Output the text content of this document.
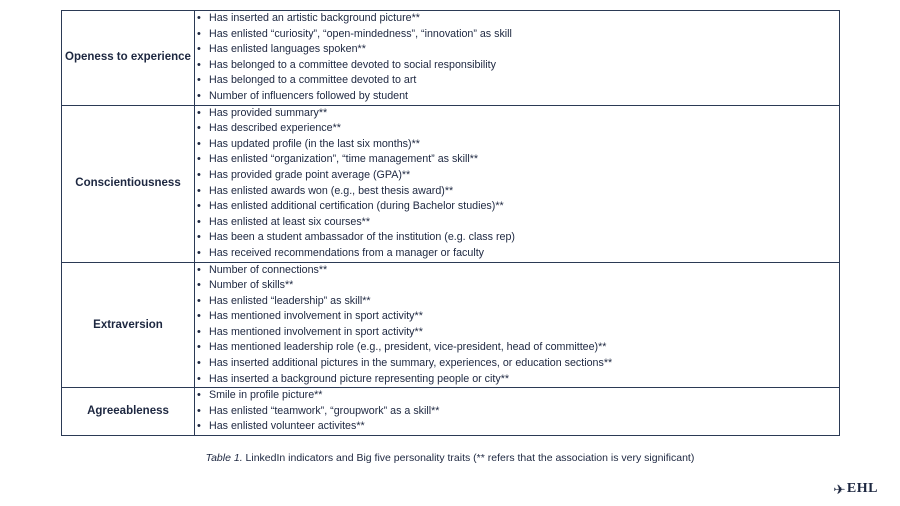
Openess to experience	
• Has inserted an artistic background picture**
• Has enlisted “curiosity”, “open-mindedness”, “innovation” as skill
• Has enlisted languages spoken**
• Has belonged to a committee devoted to social responsibility
• Has belonged to a committee devoted to art
• Number of influencers followed by student

Conscientiousness	
• Has provided summary**
• Has described experience**
• Has updated profile (in the last six months)**
• Has enlisted “organization”, “time management” as skill**
• Has provided grade point average (GPA)**
• Has enlisted awards won (e.g., best thesis award)**
• Has enlisted additional certification (during Bachelor studies)**
• Has enlisted at least six courses**
• Has been a student ambassador of the institution (e.g. class rep)
• Has received recommendations from a manager or faculty

Extraversion	
• Number of connections**
• Number of skills**
• Has enlisted “leadership” as skill**
• Has mentioned involvement in sport activity**
• Has mentioned involvement in sport activity**
• Has mentioned leadership role (e.g., president, vice-president, head of committee)**
• Has inserted additional pictures in the summary, experiences, or education sections**
• Has inserted a background picture representing people or city**

Agreeableness	
• Smile in profile picture**
• Has enlisted “teamwork”, “groupwork” as a skill**
• Has enlisted volunteer activites**
Table 1. LinkedIn indicators and Big five personality traits (** refers that the association is very significant)
✈ EHL
